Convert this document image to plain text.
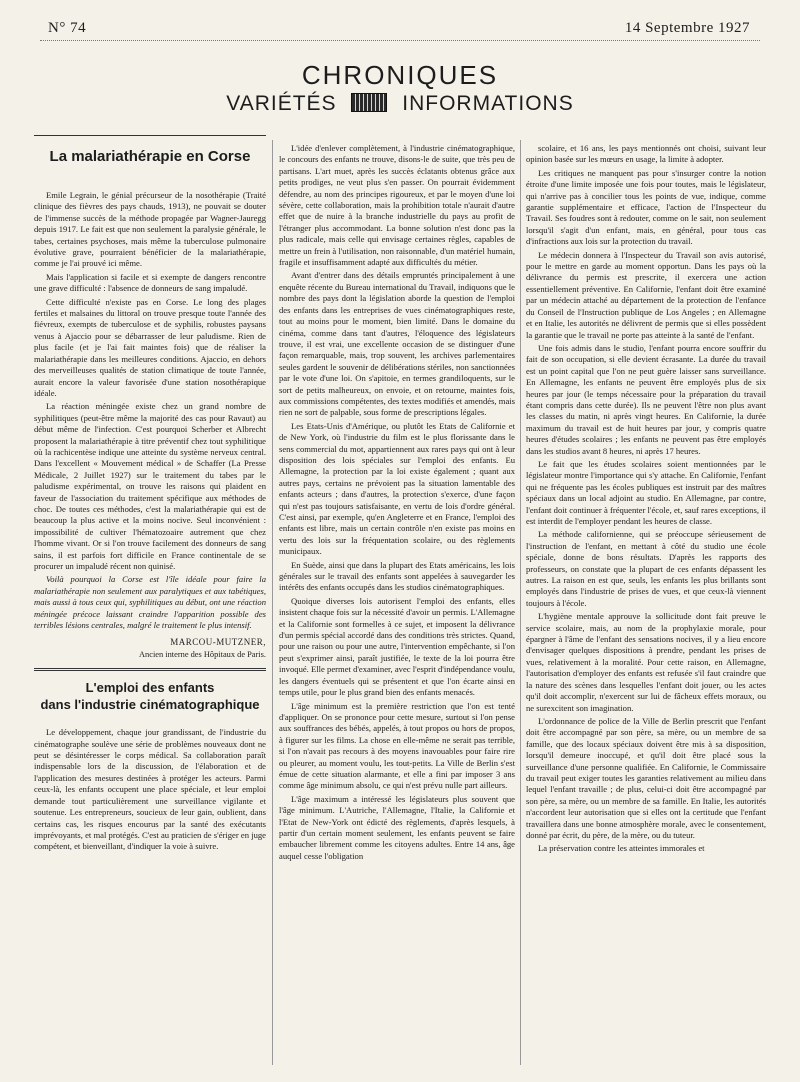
N° 74	14 Septembre 1927
CHRONIQUES
VARIÉTÉS	INFORMATIONS
La malariathérapie en Corse

Emile Legrain, le génial précurseur de la nosothérapie (Traité clinique des fièvres des pays chauds, 1913), ne pouvait se douter de l'immense succès de la méthode propagée par Wagner-Jauregg depuis 1917. Le fait est que non seulement la paralysie générale, le tabes, certaines psychoses, mais même la tuberculose pulmonaire évolutive grave, pourraient bénéficier de la malariathérapie, comme je l'ai prouvé ici même.

Mais l'application si facile et si exempte de dangers rencontre une grave difficulté : l'absence de donneurs de sang impaludé.

Cette difficulté n'existe pas en Corse. Le long des plages fertiles et malsaines du littoral on trouve presque toute l'année des fiévreux, exempts de tuberculose et de syphilis, robustes paysans venus à Ajaccio pour se débarrasser de leur paludisme. Rien de plus facile (et je l'ai fait maintes fois) que de réaliser la malariathérapie dans les meilleures conditions. Ajaccio, en dehors des merveilleuses qualités de station climatique de toute l'année, aurait encore la valeur favorisée d'une station nosothérapique idéale.

La réaction méningée existe chez un grand nombre de syphilitiques (peut-être même la majorité des cas pour Ravaut) au début même de l'infection. C'est pourquoi Scherber et Albrecht proposent la malariathérapie à titre préventif chez tout syphilitique où la rachicentèse indique une atteinte du système nerveux central. Dans l'excellent « Mouvement médical » de Schaffer (La Presse Médicale, 2 Juillet 1927) sur le traitement du tabes par le paludisme expérimental, on trouve les raisons qui plaident en faveur de l'association du traitement spécifique aux méthodes de choc. De toutes ces méthodes, c'est la malariathérapie qui est de beaucoup la plus active et la moins nocive. Seul inconvénient : impossibilité de cultiver l'hématozoaire autrement que chez l'homme vivant. Or si l'on trouve facilement des donneurs de sang sains, il est parfois fort difficile en France continentale de se procurer un impaludé récent non quinisé.

Voilà pourquoi la Corse est l'île idéale pour faire la malariathérapie non seulement aux paralytiques et aux tabétiques, mais aussi à tous ceux qui, syphilitiques au début, ont une réaction méningée précoce laissant craindre l'apparition possible des terribles lésions centrales, malgré le traitement le plus intensif.

MARCOU-MUTZNER,
Ancien interne des Hôpitaux de Paris.
L'emploi des enfants
dans l'industrie cinématographique

Le développement, chaque jour grandissant, de l'industrie du cinématographe soulève une série de problèmes nouveaux dont ne peut se désintéresser le corps médical. Sa collaboration paraît indispensable lors de la discussion, de l'élaboration et de l'application des mesures destinées à protéger les acteurs. Parmi ceux-là, les enfants occupent une place spéciale, et leur emploi demande tout particulièrement une surveillance vigilante et soutenue. Les entrepreneurs, soucieux de leur gain, oublient, dans certains cas, les risques encourus par la santé des exécutants imprévoyants, et mal protégés. C'est au praticien de s'ériger en juge compétent, et bienveillant, d'indiquer la voie à suivre.

L'idée d'enlever complètement, à l'industrie cinématographique, le concours des enfants ne trouve, disons-le de suite, que très peu de partisans. L'art muet, après les succès éclatants obtenus grâce aux petits prodiges, ne veut plus s'en passer. On pourrait évidemment défendre, au nom des principes rigoureux, et par le moyen d'une loi sévère, cette collaboration, mais la prohibition totale n'aurait d'autre effet que de nuire à la branche industrielle du pays au profit de l'étranger plus accommodant. La bonne solution n'est donc pas la plus radicale, mais celle qui envisage certaines règles, capables de mettre un frein à l'utilisation, non raisonnable, d'un matériel humain, fragile et insuffisamment adapté aux difficultés du métier.

Avant d'entrer dans des détails empruntés principalement à une enquête récente du Bureau international du Travail, indiquons que le nombre des pays dont la législation aborde la question de l'emploi des enfants dans les entreprises de vues cinématographiques reste, tout au moins pour le moment, bien limité. Dans le domaine du cinéma, comme dans tant d'autres, l'éloquence des législateurs trouve, il est vrai, une excellente occasion de se distinguer d'une façon remarquable, mais, trop souvent, les archives parlementaires seules gardent le souvenir de délibérations stériles, non sanctionnées par le vote d'une loi. On s'apitoie, en termes grandiloquents, sur le sort de petits malheureux, on envoie, et on retourne, maintes fois, aux commissions compétentes, des textes modifiés et amendés, mais rien ne sort de palpable, sous forme de prescriptions légales.

Les Etats-Unis d'Amérique, ou plutôt les Etats de Californie et de New York, où l'industrie du film est le plus florissante dans le sens commercial du mot, appartiennent aux rares pays qui ont à leur disposition des lois spéciales sur l'emploi des enfants. Eu Allemagne, la protection par la loi existe également ; quant aux autres pays, certains ne prévoient pas la situation lamentable des enfants acteurs ; dans d'autres, la protection s'exerce, d'une façon qui n'est pas toujours satisfaisante, en vertu de lois d'ordre général. C'est ainsi, par exemple, qu'en Angleterre et en France, l'emploi des enfants est libre, mais un certain contrôle n'en existe pas moins en vertu des lois sur la fréquentation scolaire, ou des règlements municipaux.

En Suède, ainsi que dans la plupart des Etats américains, les lois générales sur le travail des enfants sont appelées à sauvegarder les intérêts des enfants occupés dans les studios cinématographiques.

Quoique diverses lois autorisent l'emploi des enfants, elles insistent chaque fois sur la nécessité d'avoir un permis. L'Allemagne et la Californie sont formelles à ce sujet, et imposent la délivrance d'un permis spécial accordé dans des conditions très strictes. Quand, pour une raison ou pour une autre, l'intervention empêchante, si l'on peut s'exprimer ainsi, paraît justifiée, le texte de la loi pourra être invoqué. Elle permet d'examiner, avec l'esprit d'indépendance voulu, les dangers éventuels qui se présentent et que l'on écarte ainsi en temps utile, pour le plus grand bien des enfants menacés.

L'âge minimum est la première restriction que l'on est tenté d'appliquer. On se prononce pour cette mesure, surtout si l'on pense aux souffrances des bébés, appelés, à tout propos ou hors de propos, à figurer sur les films. La chose en elle-même ne serait pas terrible, si l'on n'avait pas recours à des moyens inavouables pour faire rire ou pleurer, au moment voulu, les tout-petits. La Ville de Berlin s'est émue de cette situation alarmante, et elle a fini par imposer 3 ans comme âge minimum absolu, ce qui n'est prévu nulle part ailleurs.

L'âge maximum a intéressé les législateurs plus souvent que l'âge minimum. L'Autriche, l'Allemagne, l'Italie, la Californie et l'Etat de New-York ont édicté des règlements, d'après lesquels, à partir d'un certain moment seulement, les enfants peuvent se faire embaucher librement comme les citoyens adultes. Entre 14 ans, âge auquel cesse l'obligation

scolaire, et 16 ans, les pays mentionnés ont choisi, suivant leur opinion basée sur les mœurs en usage, la limite à adopter.

Les critiques ne manquent pas pour s'insurger contre la notion étroite d'une limite imposée une fois pour toutes, mais le législateur, qui n'arrive pas à concilier tous les points de vue, indique, comme garantie supplémentaire et efficace, l'action de l'Inspecteur du Travail. Ses foudres sont à redouter, comme on le sait, non seulement lorsqu'il s'agit d'un enfant, mais, en général, pour tous cas d'infractions aux lois sur la protection du travail.

Le médecin donnera à l'Inspecteur du Travail son avis autorisé, pour le mettre en garde au moment opportun. Dans les pays où la délivrance du permis est prescrite, il exercera une action essentiellement préventive. En Californie, l'enfant doit être examiné par un médecin attaché au département de la protection de l'enfance du Conseil de l'Instruction publique de Los Angeles ; en Allemagne et en Italie, les autorités ne délivrent de permis que si elles possèdent la garantie que le travail ne porte pas atteinte à la santé de l'enfant.

Une fois admis dans le studio, l'enfant pourra encore souffrir du fait de son occupation, si elle devient écrasante. La durée du travail est un point capital que l'on ne peut guère laisser sans surveillance. En Allemagne, les enfants ne peuvent être employés plus de six heures par jour (le temps nécessaire pour la préparation du travail étant compris dans cette durée). Ils ne peuvent l'être non plus avant les classes du matin, ni après vingt heures. En Californie, la durée maximum du travail est de huit heures par jour, y compris quatre heures d'études scolaires ; les enfants ne peuvent pas être employés dans les studios avant 8 heures, ni après 17 heures.

Le fait que les études scolaires soient mentionnées par le législateur montre l'importance qui s'y attache. En Californie, l'enfant qui ne fréquente pas les écoles publiques est instruit par des maîtres spéciaux dans un local adjoint au studio. En Allemagne, par contre, l'enfant doit continuer à fréquenter l'école, et, sauf rares exceptions, il est interdit de l'employer pendant les heures de classe.

La méthode californienne, qui se préoccupe sérieusement de l'instruction de l'enfant, en mettant à côté du studio une école spéciale, donne de bons résultats. D'après les rapports des professeurs, on constate que la plupart de ces enfants dépassent les autres. La raison en est que, seuls, les enfants les plus brillants sont employés dans l'industrie de prises de vues, et que ceux-là viennent toujours à l'école.

L'hygiène mentale approuve la sollicitude dont fait preuve le service scolaire, mais, au nom de la prophylaxie morale, pour épargner à l'âme de l'enfant des sensations nocives, il y a lieu encore d'envisager quelques dispositions à prendre, pendant les prises de vues, relativement à la moralité. Pour cette raison, en Allemagne, l'autorisation d'employer des enfants est refusée s'il faut craindre que la nature des scènes dans lesquelles l'enfant doit jouer, ou les actes qu'il doit accomplir, n'exercent sur lui de fâcheux effets moraux, ou ne surexcitent son imagination.

L'ordonnance de police de la Ville de Berlin prescrit que l'enfant doit être accompagné par son père, sa mère, ou un membre de sa famille, que des locaux spéciaux doivent être mis à sa disposition, lorsqu'il demeure inoccupé, et qu'il doit être placé sous la surveillance d'une personne qualifiée. En Californie, le Commissaire du travail peut exiger toutes les garanties relativement au milieu dans lequel l'enfant travaille ; de plus, celui-ci doit être accompagné par son père, sa mère, ou un membre de sa famille. En Italie, les autorités n'accordent leur autorisation que si elles ont la certitude que l'enfant travaillera dans une bonne atmosphère morale, avec le consentement, donné par écrit, du père, de la mère, ou du tuteur.

La préservation contre les atteintes immorales et
